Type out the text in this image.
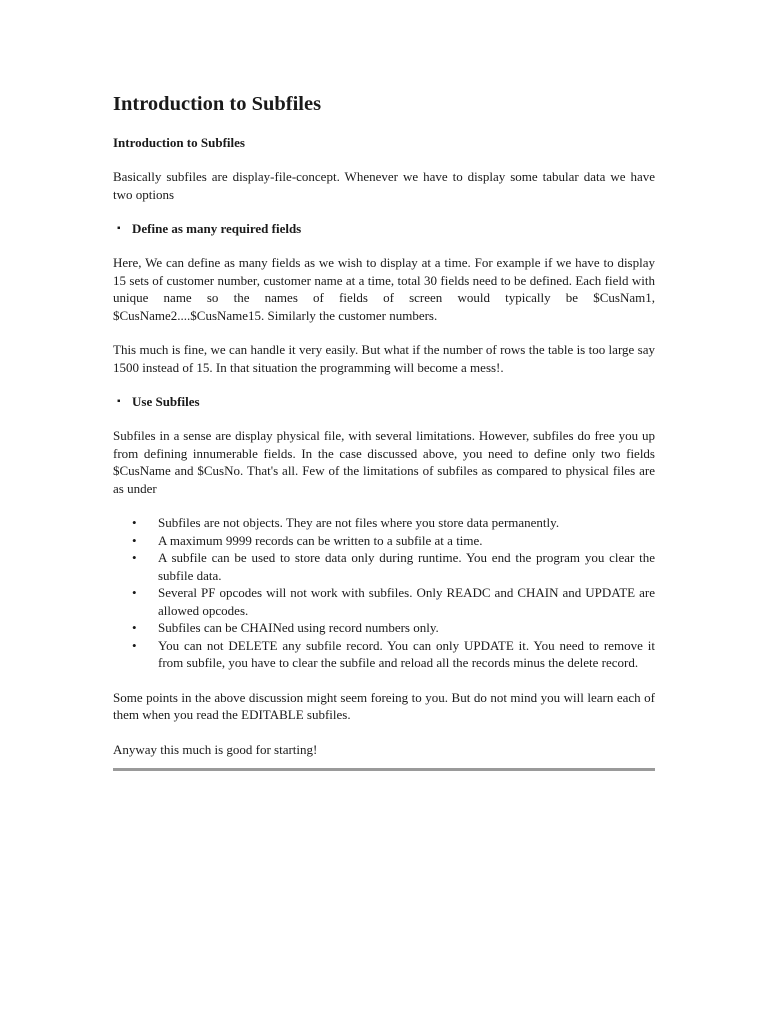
Introduction to Subfiles
Introduction to Subfiles

Basically subfiles are display-file-concept. Whenever we have to display some tabular data we have two options

▪ Define as many required fields

Here, We can define as many fields as we wish to display at a time. For example if we have to display 15 sets of customer number, customer name at a time, total 30 fields need to be defined. Each field with unique name so the names of fields of screen would typically be $CusNam1, $CusName2....$CusName15. Similarly the customer numbers.

This much is fine, we can handle it very easily. But what if the number of rows the table is too large say 1500 instead of 15. In that situation the programming will become a mess!.

▪ Use Subfiles

Subfiles in a sense are display physical file, with several limitations. However, subfiles do free you up from defining innumerable fields. In the case discussed above, you need to define only two fields $CusName and $CusNo. That's all. Few of the limitations of subfiles as compared to physical files are as under

• Subfiles are not objects. They are not files where you store data permanently.
• A maximum 9999 records can be written to a subfile at a time.
• A subfile can be used to store data only during runtime. You end the program you clear the subfile data.
• Several PF opcodes will not work with subfiles. Only READC and CHAIN and UPDATE are allowed opcodes.
• Subfiles can be CHAINed using record numbers only.
• You can not DELETE any subfile record. You can only UPDATE it. You need to remove it from subfile, you have to clear the subfile and reload all the records minus the delete record.

Some points in the above discussion might seem foreing to you. But do not mind you will learn each of them when you read the EDITABLE subfiles.

Anyway this much is good for starting!
